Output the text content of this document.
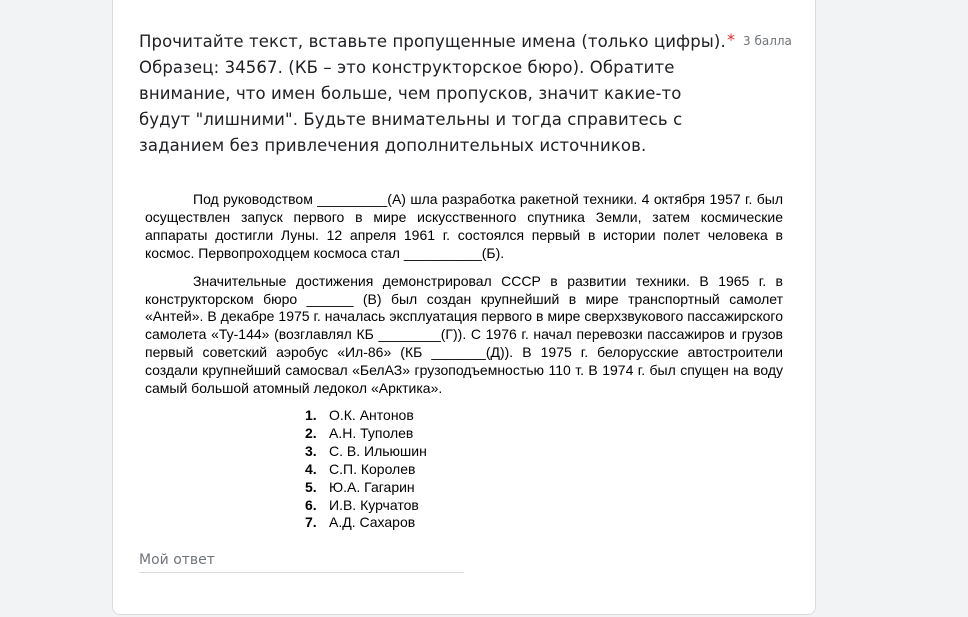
Прочитайте текст, вставьте пропущенные имена (только цифры). Образец: 34567. (КБ – это конструкторское бюро). Обратите внимание, что имен больше, чем пропусков, значит какие-то будут "лишними". Будьте внимательны и тогда справитесь с заданием без привлечения дополнительных источников.
* 3 балла

Под руководством _________(А) шла разработка ракетной техники. 4 октября 1957 г. был осуществлен запуск первого в мире искусственного спутника Земли, затем космические аппараты достигли Луны. 12 апреля 1961 г. состоялся первый в истории полет человека в космос. Первопроходцем космоса стал __________(Б).

Значительные достижения демонстрировал СССР в развитии техники. В 1965 г. в конструкторском бюро ______ (В) был создан крупнейший в мире транспортный самолет «Антей». В декабре 1975 г. началась эксплуатация первого в мире сверхзвукового пассажирского самолета «Ту-144» (возглавлял КБ ________(Г)). С 1976 г. начал перевозки пассажиров и грузов первый советский аэробус «Ил-86» (КБ _______(Д)). В 1975 г. белорусские автостроители создали крупнейший самосвал «БелАЗ» грузоподъемностью 110 т. В 1974 г. был спущен на воду самый большой атомный ледокол «Арктика».

1. О.К. Антонов
2. А.Н. Туполев
3. С. В. Ильюшин
4. С.П. Королев
5. Ю.А. Гагарин
6. И.В. Курчатов
7. А.Д. Сахаров
Мой ответ
